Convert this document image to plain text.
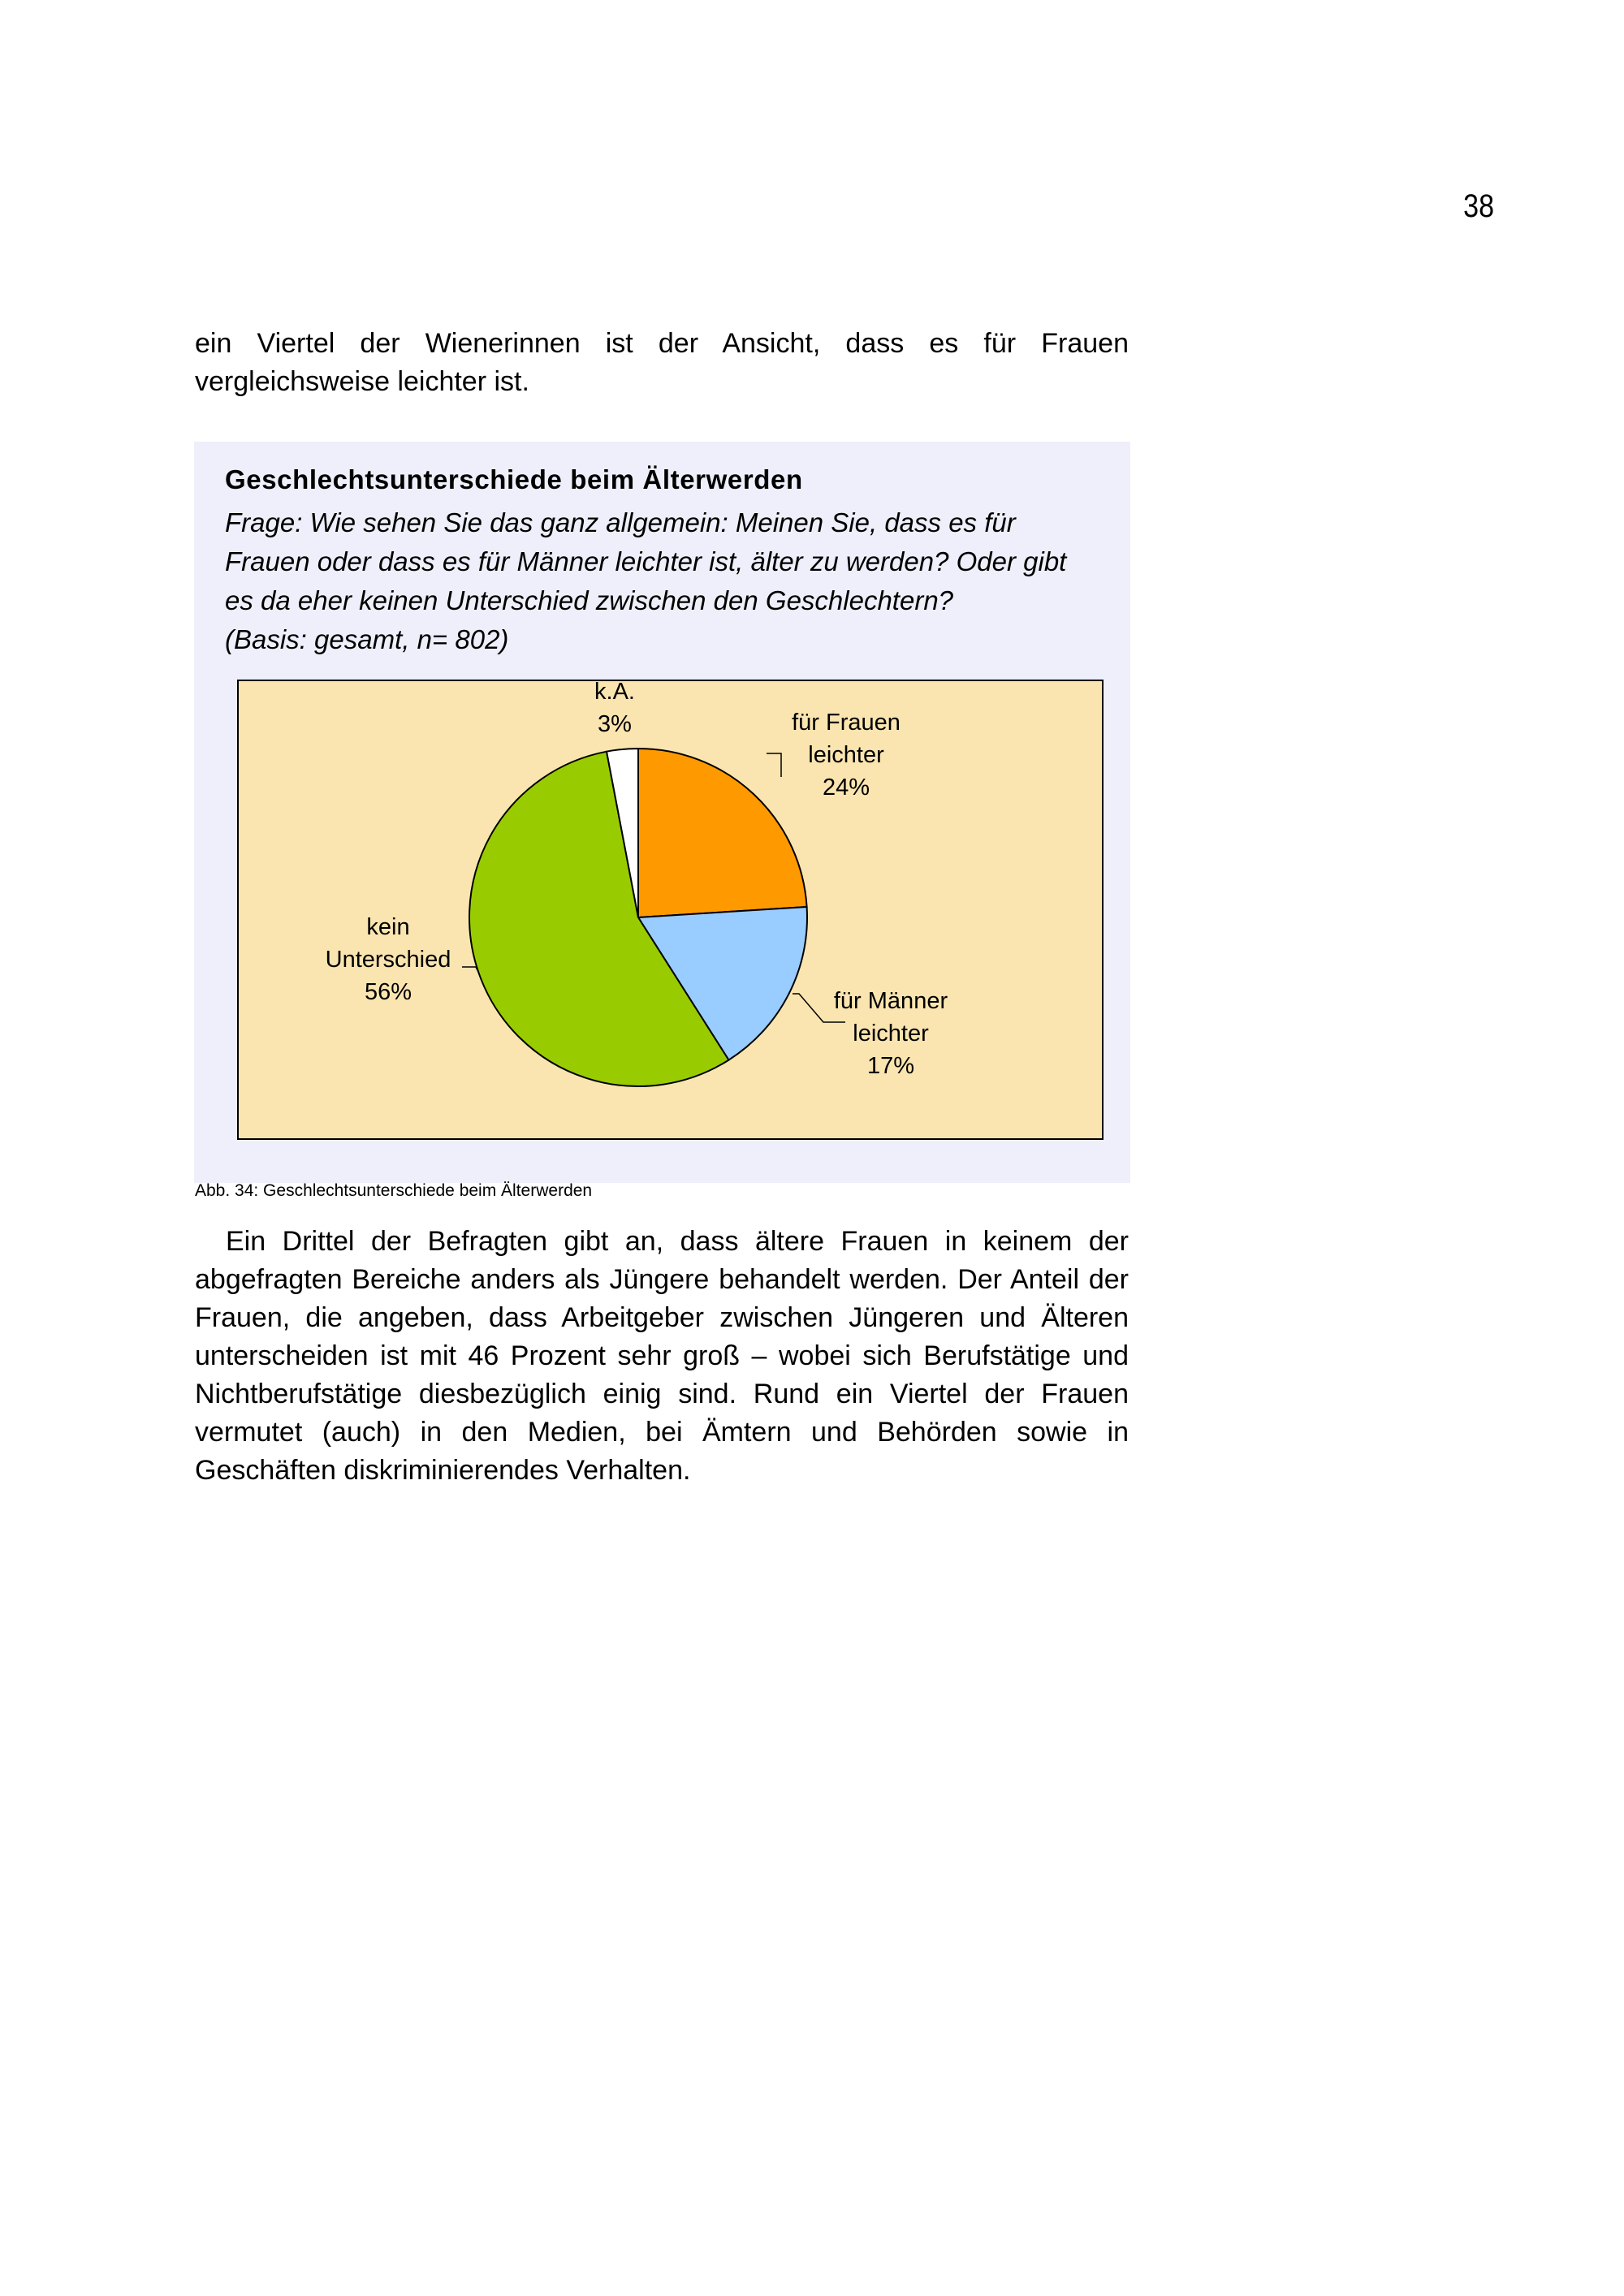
38

ein Viertel der Wienerinnen ist der Ansicht, dass es für Frauen vergleichsweise leichter ist.

Geschlechtsunterschiede beim Älterwerden

Frage: Wie sehen Sie das ganz allgemein: Meinen Sie, dass es für Frauen oder dass es für Männer leichter ist, älter zu werden? Oder gibt es da eher keinen Unterschied zwischen den Geschlechtern?

(Basis: gesamt, n= 802)

für Frauen
leichter
24%
für Männer
leichter
17%
kein
Unterschied
56%
k.A.
3%

Abb. 34: Geschlechtsunterschiede beim Älterwerden

Ein Drittel der Befragten gibt an, dass ältere Frauen in keinem der abgefragten Bereiche anders als Jüngere behandelt werden. Der Anteil der Frauen, die angeben, dass Arbeitgeber zwischen Jüngeren und Älteren unterscheiden ist mit 46 Prozent sehr groß – wobei sich Berufstätige und Nichtberufstätige diesbezüglich einig sind. Rund ein Viertel der Frauen vermutet (auch) in den Medien, bei Ämtern und Behörden sowie in Geschäften diskriminierendes Verhalten.
